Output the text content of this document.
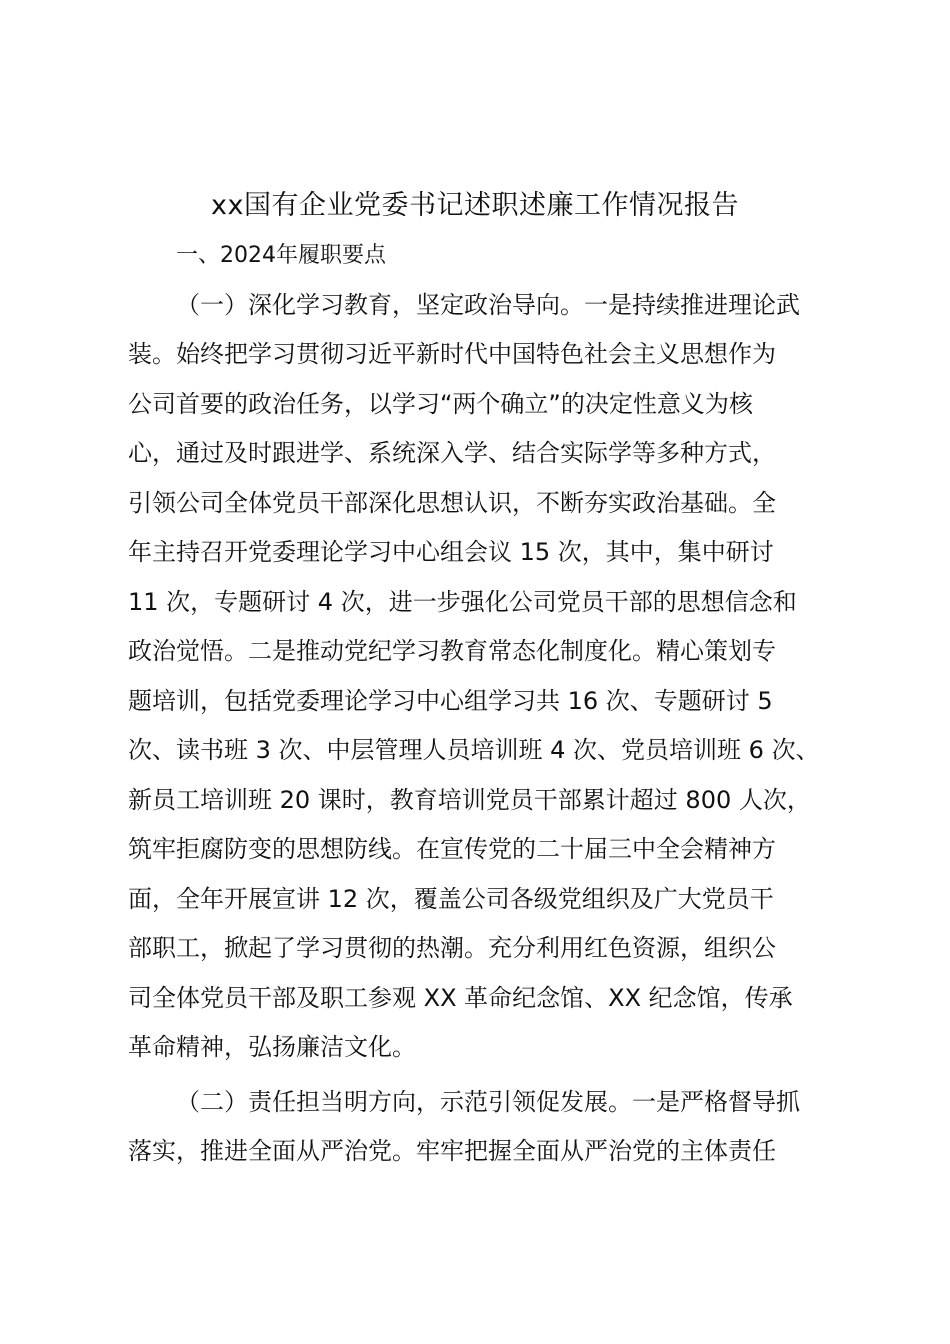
xx国有企业党委书记述职述廉工作情况报告
一、2024年履职要点
（一）深化学习教育，坚定政治导向。一是持续推进理论武
装。始终把学习贯彻习近平新时代中国特色社会主义思想作为
公司首要的政治任务，以学习“两个确立”的决定性意义为核
心，通过及时跟进学、系统深入学、结合实际学等多种方式，
引领公司全体党员干部深化思想认识，不断夯实政治基础。全
年主持召开党委理论学习中心组会议 15 次，其中，集中研讨
11 次，专题研讨 4 次，进一步强化公司党员干部的思想信念和
政治觉悟。二是推动党纪学习教育常态化制度化。精心策划专
题培训，包括党委理论学习中心组学习共 16 次、专题研讨 5
次、读书班 3 次、中层管理人员培训班 4 次、党员培训班 6 次、
新员工培训班 20 课时，教育培训党员干部累计超过 800 人次，
筑牢拒腐防变的思想防线。在宣传党的二十届三中全会精神方
面，全年开展宣讲 12 次，覆盖公司各级党组织及广大党员干
部职工，掀起了学习贯彻的热潮。充分利用红色资源，组织公
司全体党员干部及职工参观 XX 革命纪念馆、XX 纪念馆，传承
革命精神，弘扬廉洁文化。
（二）责任担当明方向，示范引领促发展。一是严格督导抓
落实，推进全面从严治党。牢牢把握全面从严治党的主体责任
